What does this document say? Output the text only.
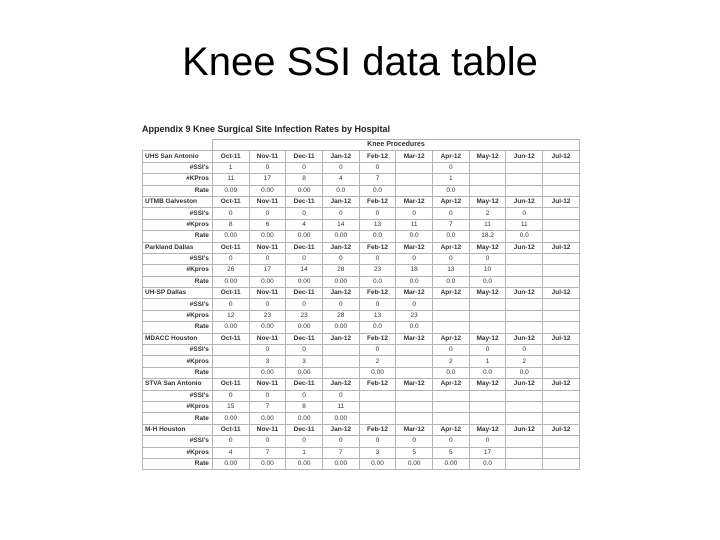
Knee SSI data table
Appendix 9 Knee Surgical Site Infection Rates by Hospital
	Knee Procedures									
UHS San Antonio	Oct-11	Nov-11	Dec-11	Jan-12	Feb-12	Mar-12	Apr-12	May-12	Jun-12	Jul-12
#SSI's	1	0	0	0	0		0			
#KPros	11	17	8	4	7		1			
Rate	0.09	0.00	0.00	0.0	0.0		0.0			
UTMB Galveston	Oct-11	Nov-11	Dec-11	Jan-12	Feb-12	Mar-12	Apr-12	May-12	Jun-12	Jul-12
#SSI's	0	0	0	0	0	0	0	2	0	
#Kpros	8	6	4	14	13	11	7	11	11	
Rate	0.00	0.00	0.00	0.00	0.0	0.0	0.0	18.2	0.0	
Parkland Dallas	Oct-11	Nov-11	Dec-11	Jan-12	Feb-12	Mar-12	Apr-12	May-12	Jun-12	Jul-12
#SSI's	0	0	0	0	0	0	0	0		
#Kpros	26	17	14	28	23	18	13	10		
Rate	0.00	0.00	0.00	0.00	0.0	0.0	0.0	0.0		
UH-SP Dallas	Oct-11	Nov-11	Dec-11	Jan-12	Feb-12	Mar-12	Apr-12	May-12	Jun-12	Jul-12
#SSI's	0	0	0	0	0	0				
#Kpros	12	23	23	28	13	23				
Rate	0.00	0.00	0.00	0.00	0.0	0.0				
MDACC Houston	Oct-11	Nov-11	Dec-11	Jan-12	Feb-12	Mar-12	Apr-12	May-12	Jun-12	Jul-12
#SSI's		0	0		0		0	0	0	
#Kpros		3	3		2		2	1	2	
Rate		0.00	0.00		0.00		0.0	0.0	0.0	
STVA San Antonio	Oct-11	Nov-11	Dec-11	Jan-12	Feb-12	Mar-12	Apr-12	May-12	Jun-12	Jul-12
#SSI's	0	0	0	0						
#Kpros	15	7	8	11						
Rate	0.00	0.00	0.00	0.00						
M-H Houston	Oct-11	Nov-11	Dec-11	Jan-12	Feb-12	Mar-12	Apr-12	May-12	Jun-12	Jul-12
#SSI's	0	0	0	0	0	0	0	0		
#Kpros	4	7	1	7	3	5	5	17		
Rate	0.00	0.00	0.00	0.00	0.00	0.00	0.00	0.0		
